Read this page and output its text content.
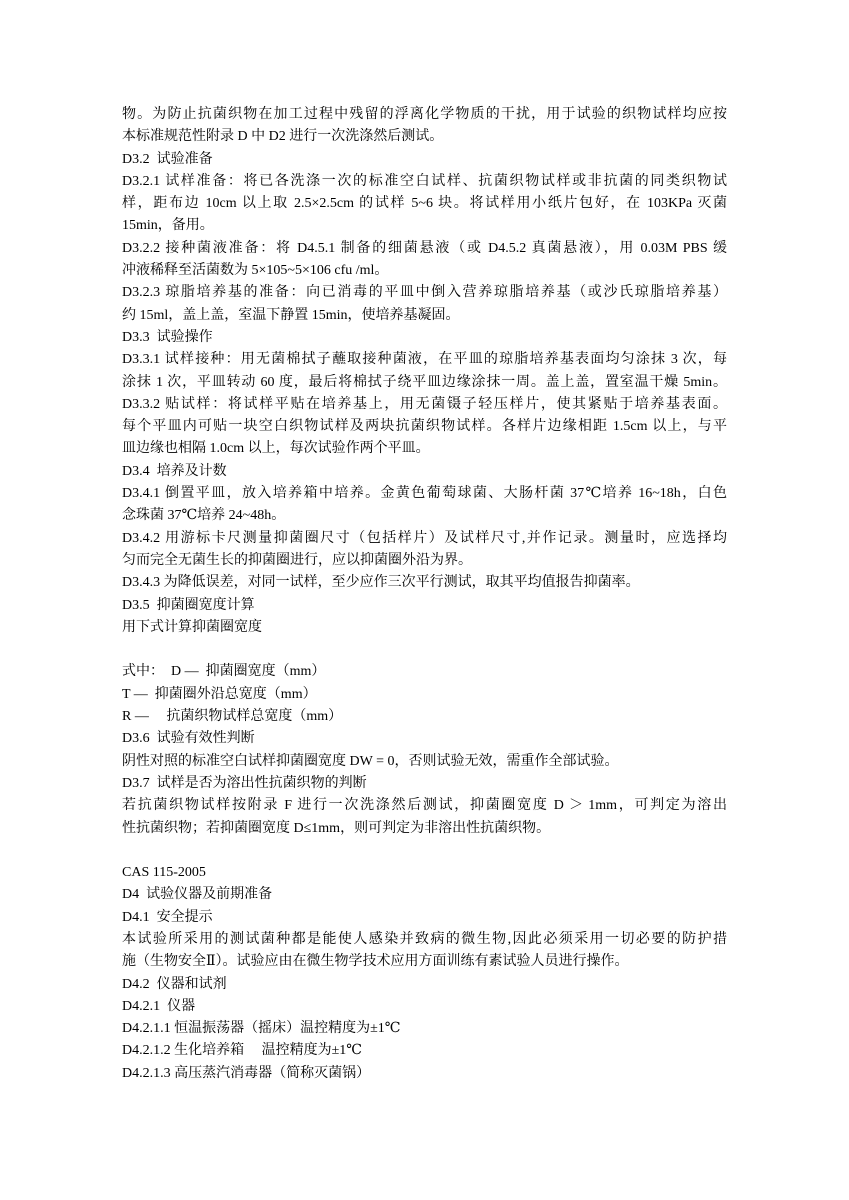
物。为防止抗菌织物在加工过程中残留的浮离化学物质的干扰，用于试验的织物试样均应按
本标准规范性附录 D 中 D2 进行一次洗涤然后测试。
D3.2  试验准备
D3.2.1 试样准备：将已各洗涤一次的标准空白试样、抗菌织物试样或非抗菌的同类织物试
样，距布边 10cm 以上取 2.5×2.5cm 的试样 5~6 块。将试样用小纸片包好，在 103KPa 灭菌
15min，备用。
D3.2.2 接种菌液准备：将 D4.5.1 制备的细菌悬液（或 D4.5.2 真菌悬液），用 0.03M PBS 缓
冲液稀释至活菌数为 5×105~5×106 cfu /ml。
D3.2.3 琼脂培养基的准备：向已消毒的平皿中倒入营养琼脂培养基（或沙氏琼脂培养基）
约 15ml，盖上盖，室温下静置 15min，使培养基凝固。
D3.3  试验操作
D3.3.1 试样接种：用无菌棉拭子蘸取接种菌液，在平皿的琼脂培养基表面均匀涂抹 3 次，每
涂抹 1 次，平皿转动 60 度，最后将棉拭子绕平皿边缘涂抹一周。盖上盖，置室温干燥 5min。
D3.3.2 贴试样：将试样平贴在培养基上，用无菌镊子轻压样片，使其紧贴于培养基表面。
每个平皿内可贴一块空白织物试样及两块抗菌织物试样。各样片边缘相距 1.5cm 以上，与平
皿边缘也相隔 1.0cm 以上，每次试验作两个平皿。
D3.4  培养及计数
D3.4.1 倒置平皿，放入培养箱中培养。金黄色葡萄球菌、大肠杆菌 37℃培养 16~18h，白色
念珠菌 37℃培养 24~48h。
D3.4.2 用游标卡尺测量抑菌圈尺寸（包括样片）及试样尺寸,并作记录。测量时，应选择均
匀而完全无菌生长的抑菌圈进行，应以抑菌圈外沿为界。
D3.4.3 为降低误差，对同一试样，至少应作三次平行测试，取其平均值报告抑菌率。
D3.5  抑菌圈宽度计算
用下式计算抑菌圈宽度
式中：　D —  抑菌圈宽度（mm）
T —  抑菌圈外沿总宽度（mm）
R —　 抗菌织物试样总宽度（mm）
D3.6  试验有效性判断
阴性对照的标准空白试样抑菌圈宽度 DW = 0，否则试验无效，需重作全部试验。
D3.7  试样是否为溶出性抗菌织物的判断
若抗菌织物试样按附录 F 进行一次洗涤然后测试，抑菌圈宽度 D ＞ 1mm，可判定为溶出
性抗菌织物；若抑菌圈宽度 D≤1mm，则可判定为非溶出性抗菌织物。
CAS 115-2005
D4  试验仪器及前期准备
D4.1  安全提示
本试验所采用的测试菌种都是能使人感染并致病的微生物,因此必须采用一切必要的防护措
施（生物安全Ⅱ）。试验应由在微生物学技术应用方面训练有素试验人员进行操作。
D4.2  仪器和试剂
D4.2.1  仪器
D4.2.1.1 恒温振荡器（摇床）温控精度为±1℃
D4.2.1.2 生化培养箱　 温控精度为±1℃
D4.2.1.3 高压蒸汽消毒器（简称灭菌锅）
